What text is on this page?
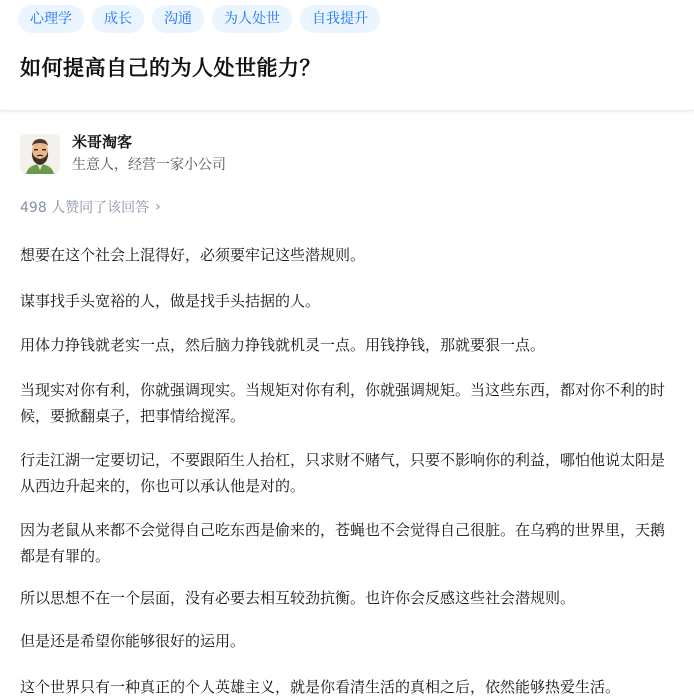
心理学	成长	沟通	为人处世	自我提升
如何提高自己的为人处世能力？
米哥淘客
生意人，经营一家小公司
498 人赞同了该回答 ›

想要在这个社会上混得好，必须要牢记这些潜规则。

谋事找手头宽裕的人，做是找手头拮据的人。

用体力挣钱就老实一点，然后脑力挣钱就机灵一点。用钱挣钱，那就要狠一点。

当现实对你有利，你就强调现实。当规矩对你有利，你就强调规矩。当这些东西，都对你不利的时候，要掀翻桌子，把事情给搅浑。

行走江湖一定要切记，不要跟陌生人抬杠，只求财不赌气，只要不影响你的利益，哪怕他说太阳是从西边升起来的，你也可以承认他是对的。

因为老鼠从来都不会觉得自己吃东西是偷来的，苍蝇也不会觉得自己很脏。在乌鸦的世界里，天鹅都是有罪的。

所以思想不在一个层面，没有必要去相互较劲抗衡。也许你会反感这些社会潜规则。

但是还是希望你能够很好的运用。

这个世界只有一种真正的个人英雄主义，就是你看清生活的真相之后，依然能够热爱生活。
